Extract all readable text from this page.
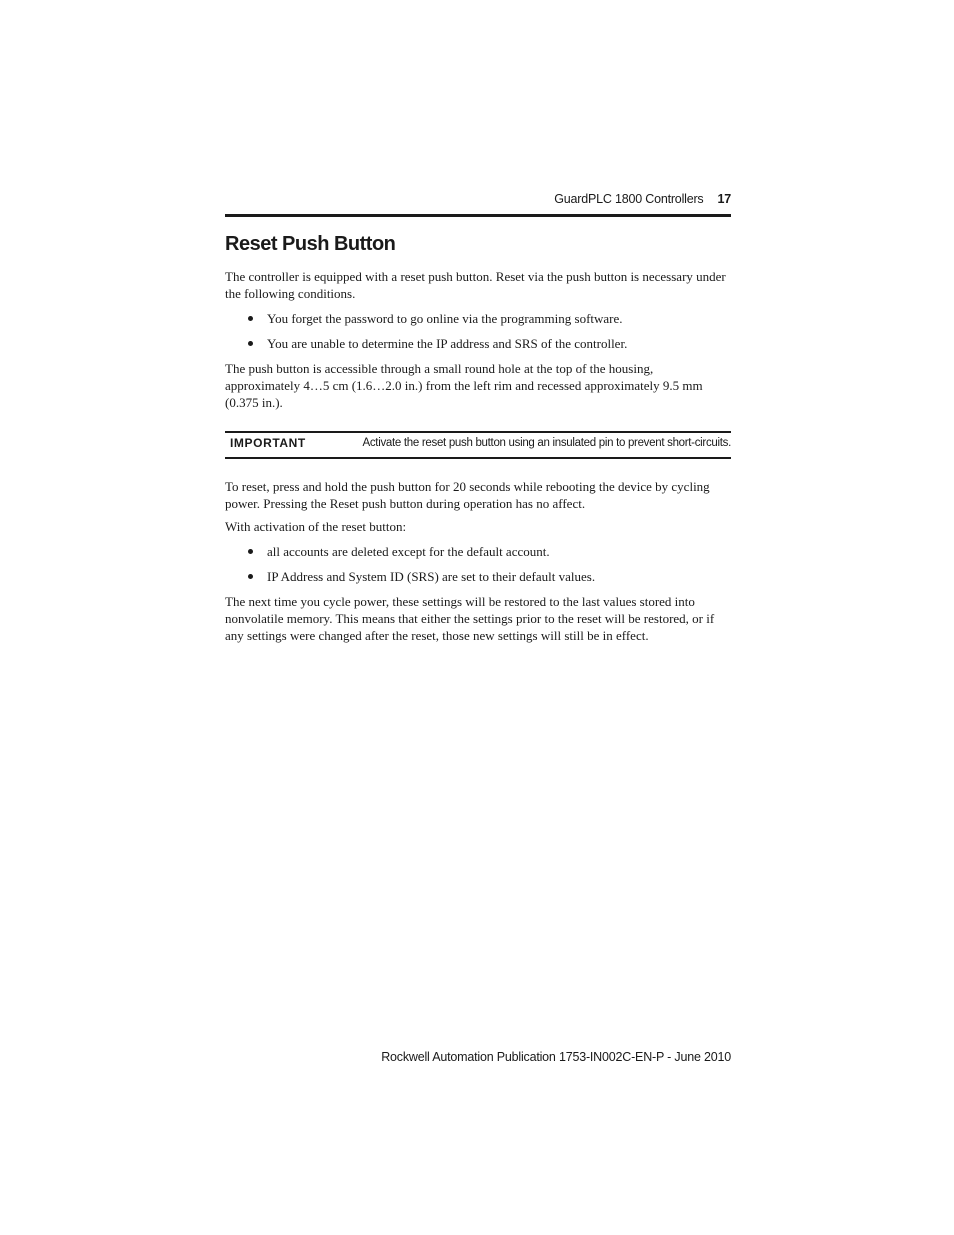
GuardPLC 1800 Controllers 17
Reset Push Button

The controller is equipped with a reset push button. Reset via the push button is necessary under the following conditions.

You forget the password to go online via the programming software.
You are unable to determine the IP address and SRS of the controller.

The push button is accessible through a small round hole at the top of the housing, approximately 4…5 cm (1.6…2.0 in.) from the left rim and recessed approximately 9.5 mm (0.375 in.).

IMPORTANT	Activate the reset push button using an insulated pin to prevent short-circuits.

To reset, press and hold the push button for 20 seconds while rebooting the device by cycling power. Pressing the Reset push button during operation has no affect.

With activation of the reset button:

all accounts are deleted except for the default account.
IP Address and System ID (SRS) are set to their default values.

The next time you cycle power, these settings will be restored to the last values stored into nonvolatile memory. This means that either the settings prior to the reset will be restored, or if any settings were changed after the reset, those new settings will still be in effect.

Rockwell Automation Publication 1753-IN002C-EN-P - June 2010
